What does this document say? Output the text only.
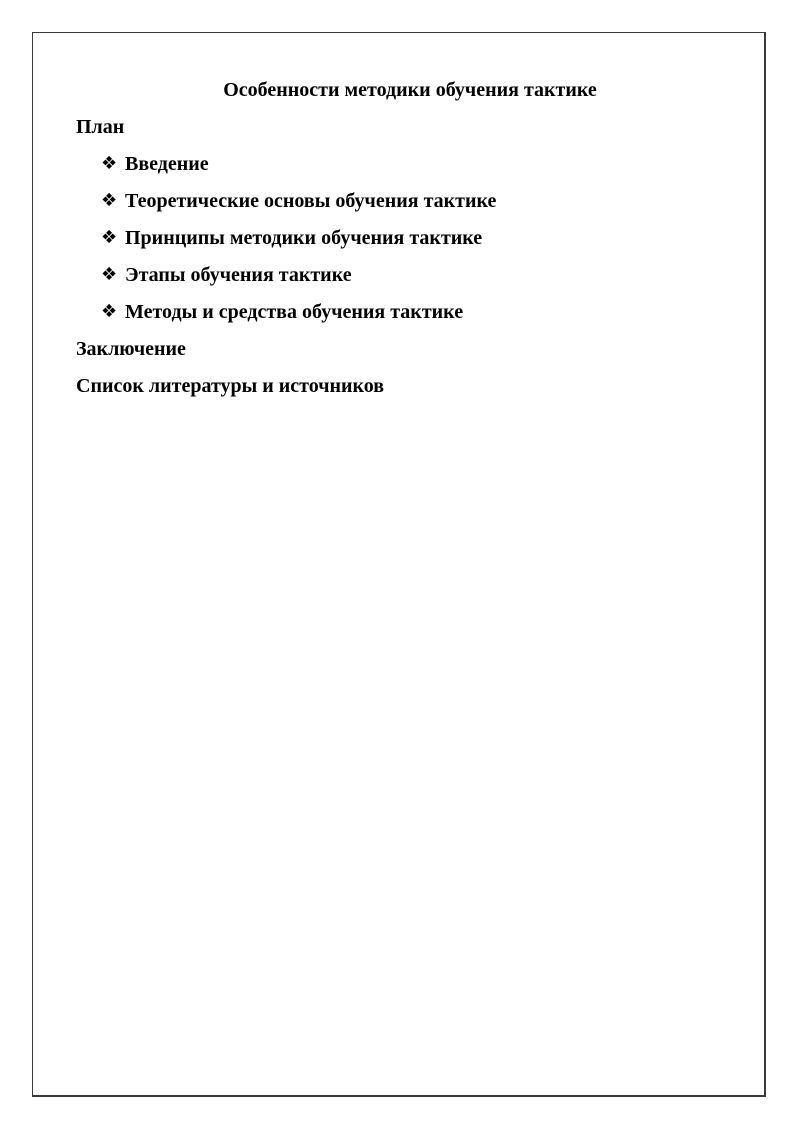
Особенности методики обучения тактике
План
❖ Введение
❖ Теоретические основы обучения тактике
❖ Принципы методики обучения тактике
❖ Этапы обучения тактике
❖ Методы и средства обучения тактике
Заключение
Список литературы и источников
